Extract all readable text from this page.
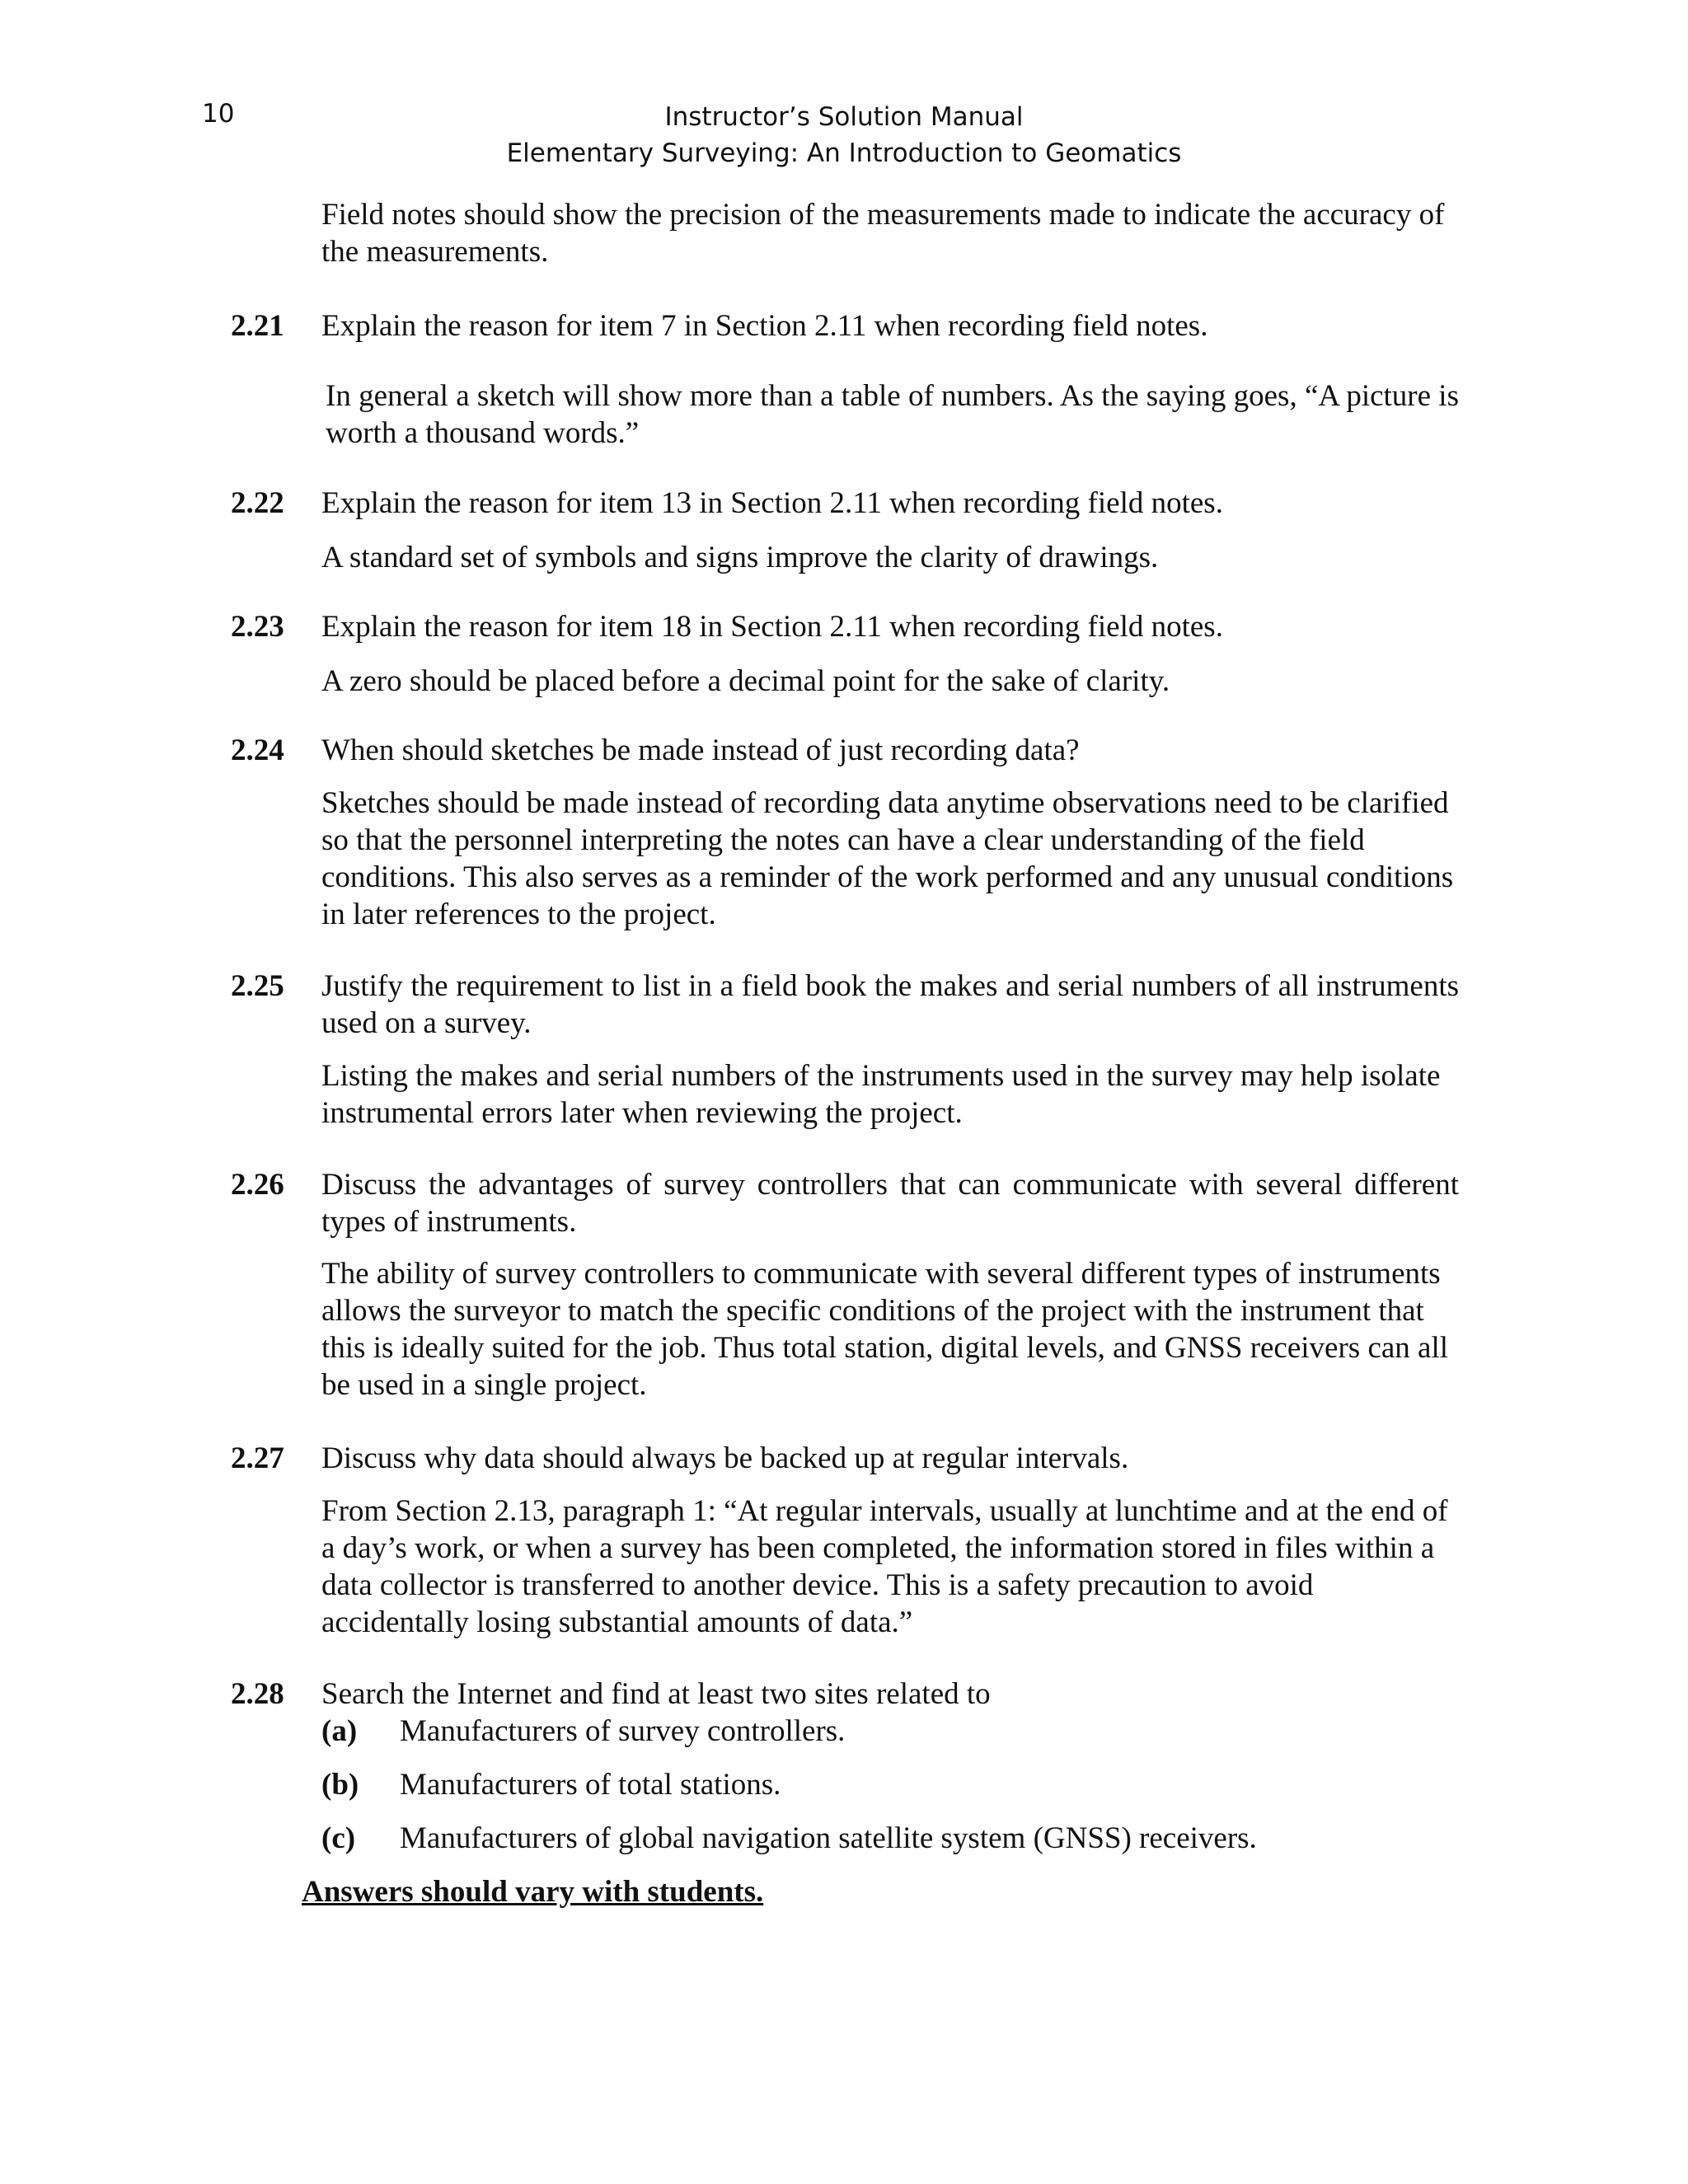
10	Instructor’s Solution Manual
Elementary Surveying: An Introduction to Geomatics
Field notes should show the precision of the measurements made to indicate the accuracy of the measurements.
2.21 Explain the reason for item 7 in Section 2.11 when recording field notes.
In general a sketch will show more than a table of numbers. As the saying goes, “A picture is worth a thousand words.”
2.22 Explain the reason for item 13 in Section 2.11 when recording field notes.
A standard set of symbols and signs improve the clarity of drawings.
2.23 Explain the reason for item 18 in Section 2.11 when recording field notes.
A zero should be placed before a decimal point for the sake of clarity.
2.24 When should sketches be made instead of just recording data?
Sketches should be made instead of recording data anytime observations need to be clarified so that the personnel interpreting the notes can have a clear understanding of the field conditions. This also serves as a reminder of the work performed and any unusual conditions in later references to the project.
2.25 Justify the requirement to list in a field book the makes and serial numbers of all instruments used on a survey.
Listing the makes and serial numbers of the instruments used in the survey may help isolate instrumental errors later when reviewing the project.
2.26 Discuss the advantages of survey controllers that can communicate with several different types of instruments.
The ability of survey controllers to communicate with several different types of instruments allows the surveyor to match the specific conditions of the project with the instrument that this is ideally suited for the job. Thus total station, digital levels, and GNSS receivers can all be used in a single project.
2.27 Discuss why data should always be backed up at regular intervals.
From Section 2.13, paragraph 1: “At regular intervals, usually at lunchtime and at the end of a day’s work, or when a survey has been completed, the information stored in files within a data collector is transferred to another device. This is a safety precaution to avoid accidentally losing substantial amounts of data.”
2.28 Search the Internet and find at least two sites related to
(a) Manufacturers of survey controllers.
(b) Manufacturers of total stations.
(c) Manufacturers of global navigation satellite system (GNSS) receivers.
Answers should vary with students.
